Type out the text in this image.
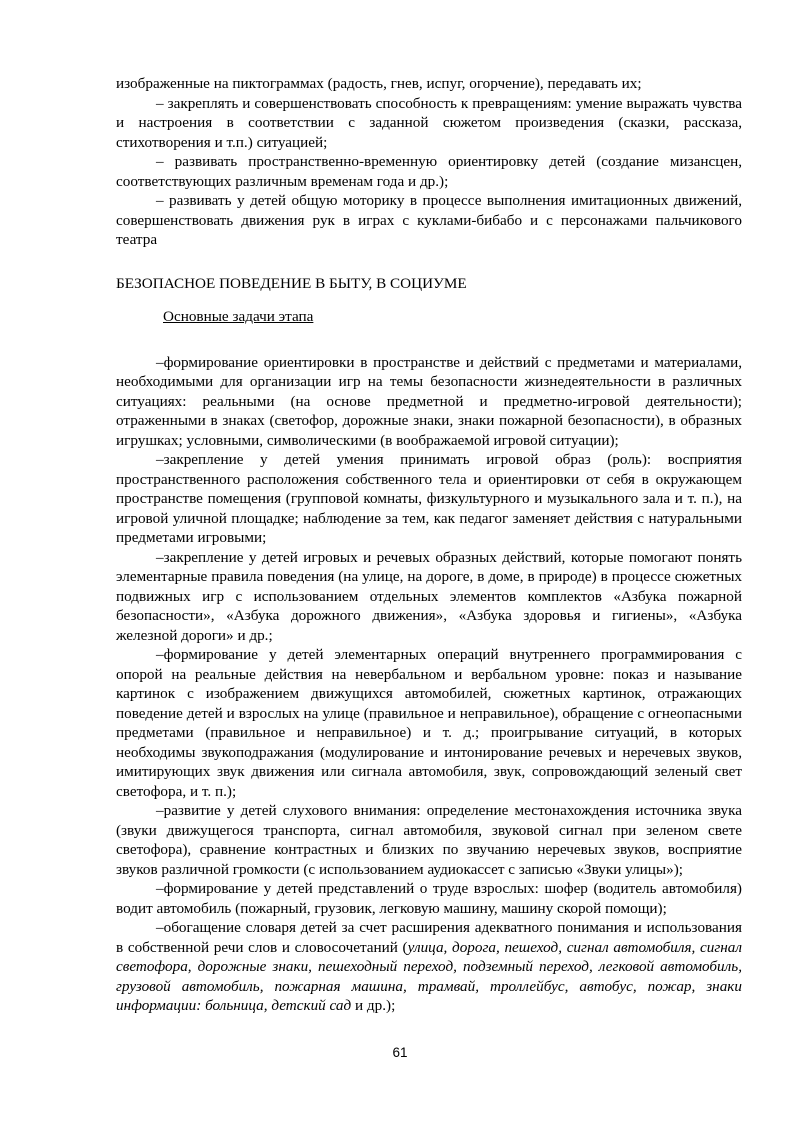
изображенные на пиктограммах (радость, гнев, испуг, огорчение), передавать их;

– закреплять и совершенствовать способность к превращениям: умение выражать чувства и настроения в соответствии с заданной сюжетом произведения (сказки, рассказа, стихотворения и т.п.) ситуацией;

– развивать пространственно-временную ориентировку детей (создание мизансцен, соответствующих различным временам года и др.);

– развивать у детей общую моторику в процессе выполнения имитационных движений, совершенствовать движения рук в играх с куклами-бибабо и с персонажами пальчикового театра

БЕЗОПАСНОЕ ПОВЕДЕНИЕ В БЫТУ, В СОЦИУМЕ

Основные задачи этапа

–формирование ориентировки в пространстве и действий с предметами и материалами, необходимыми для организации игр на темы безопасности жизнедеятельности в различных ситуациях: реальными (на основе предметной и предметно-игровой деятельности); отраженными в знаках (светофор, дорожные знаки, знаки пожарной безопасности), в образных игрушках; условными, символическими (в воображаемой игровой ситуации);

–закрепление у детей умения принимать игровой образ (роль): восприятия пространственного расположения собственного тела и ориентировки от себя в окружающем пространстве помещения (групповой комнаты, физкультурного и музыкального зала и т. п.), на игровой уличной площадке; наблюдение за тем, как педагог заменяет действия с натуральными предметами игровыми;

–закрепление у детей игровых и речевых образных действий, которые помогают понять элементарные правила поведения (на улице, на дороге, в доме, в природе) в процессе сюжетных подвижных игр с использованием отдельных элементов комплектов «Азбука пожарной безопасности», «Азбука дорожного движения», «Азбука здоровья и гигиены», «Азбука железной дороги» и др.;

–формирование у детей элементарных операций внутреннего программирования с опорой на реальные действия на невербальном и вербальном уровне: показ и называние картинок с изображением движущихся автомобилей, сюжетных картинок, отражающих поведение детей и взрослых на улице (правильное и неправильное), обращение с огнеопасными предметами (правильное и неправильное) и т. д.; проигрывание ситуаций, в которых необходимы звукоподражания (модулирование и интонирование речевых и неречевых звуков, имитирующих звук движения или сигнала автомобиля, звук, сопровождающий зеленый свет светофора, и т. п.);

–развитие у детей слухового внимания: определение местонахождения источника звука (звуки движущегося транспорта, сигнал автомобиля, звуковой сигнал при зеленом свете светофора), сравнение контрастных и близких по звучанию неречевых звуков, восприятие звуков различной громкости (с использованием аудиокассет с записью «Звуки улицы»);

–формирование у детей представлений о труде взрослых: шофер (водитель автомобиля) водит автомобиль (пожарный, грузовик, легковую машину, машину скорой помощи);

–обогащение словаря детей за счет расширения адекватного понимания и использования в собственной речи слов и словосочетаний (улица, дорога, пешеход, сигнал автомобиля, сигнал светофора, дорожные знаки, пешеходный переход, подземный переход, легковой автомобиль, грузовой автомобиль, пожарная машина, трамвай, троллейбус, автобус, пожар, знаки информации: больница, детский сад и др.);

61
